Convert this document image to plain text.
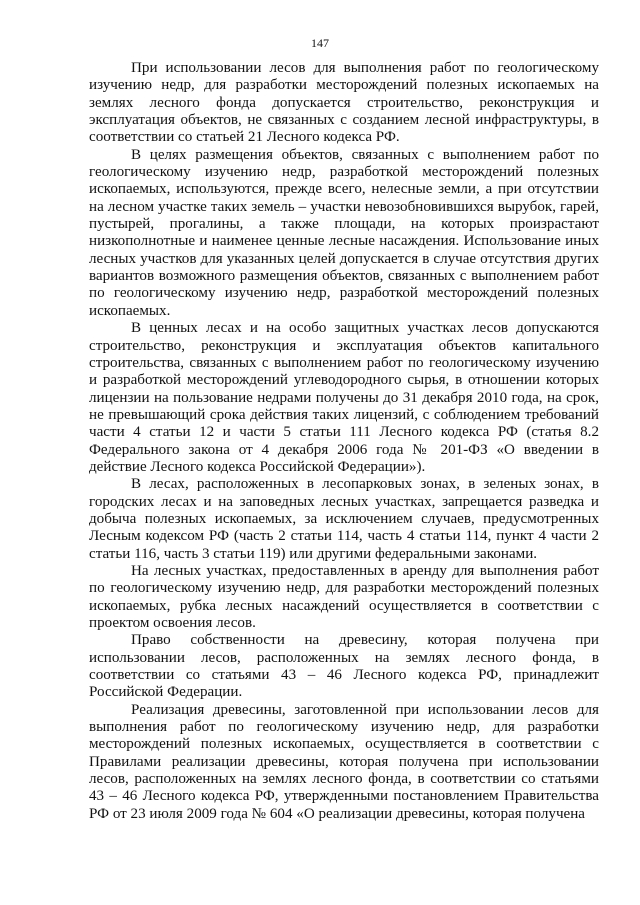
147

При использовании лесов для выполнения работ по геологическому изучению недр, для разработки месторождений полезных ископаемых на землях лесного фонда допускается строительство, реконструкция и эксплуатация объектов, не связанных с созданием лесной инфраструктуры, в соответствии со статьей 21 Лесного кодекса РФ.

В целях размещения объектов, связанных с выполнением работ по геологическому изучению недр, разработкой месторождений полезных ископаемых, используются, прежде всего, нелесные земли, а при отсутствии на лесном участке таких земель – участки невозобновившихся вырубок, гарей, пустырей, прогалины, а также площади, на которых произрастают низкополнотные и наименее ценные лесные насаждения. Использование иных лесных участков для указанных целей допускается в случае отсутствия других вариантов возможного размещения объектов, связанных с выполнением работ по геологическому изучению недр, разработкой месторождений полезных ископаемых.

В ценных лесах и на особо защитных участках лесов допускаются строительство, реконструкция и эксплуатация объектов капитального строительства, связанных с выполнением работ по геологическому изучению и разработкой месторождений углеводородного сырья, в отношении которых лицензии на пользование недрами получены до 31 декабря 2010 года, на срок, не превышающий срока действия таких лицензий, с соблюдением требований части 4 статьи 12 и части 5 статьи 111 Лесного кодекса РФ (статья 8.2 Федерального закона от 4 декабря 2006 года № 201-ФЗ «О введении в действие Лесного кодекса Российской Федерации»).

В лесах, расположенных в лесопарковых зонах, в зеленых зонах, в городских лесах и на заповедных лесных участках, запрещается разведка и добыча полезных ископаемых, за исключением случаев, предусмотренных Лесным кодексом РФ (часть 2 статьи 114, часть 4 статьи 114, пункт 4 части 2 статьи 116, часть 3 статьи 119) или другими федеральными законами.

На лесных участках, предоставленных в аренду для выполнения работ по геологическому изучению недр, для разработки месторождений полезных ископаемых, рубка лесных насаждений осуществляется в соответствии с проектом освоения лесов.

Право собственности на древесину, которая получена при использовании лесов, расположенных на землях лесного фонда, в соответствии со статьями 43 – 46 Лесного кодекса РФ, принадлежит Российской Федерации.

Реализация древесины, заготовленной при использовании лесов для выполнения работ по геологическому изучению недр, для разработки месторождений полезных ископаемых, осуществляется в соответствии с Правилами реализации древесины, которая получена при использовании лесов, расположенных на землях лесного фонда, в соответствии со статьями 43 – 46 Лесного кодекса РФ, утвержденными постановлением Правительства РФ от 23 июля 2009 года № 604 «О реализации древесины, которая получена
